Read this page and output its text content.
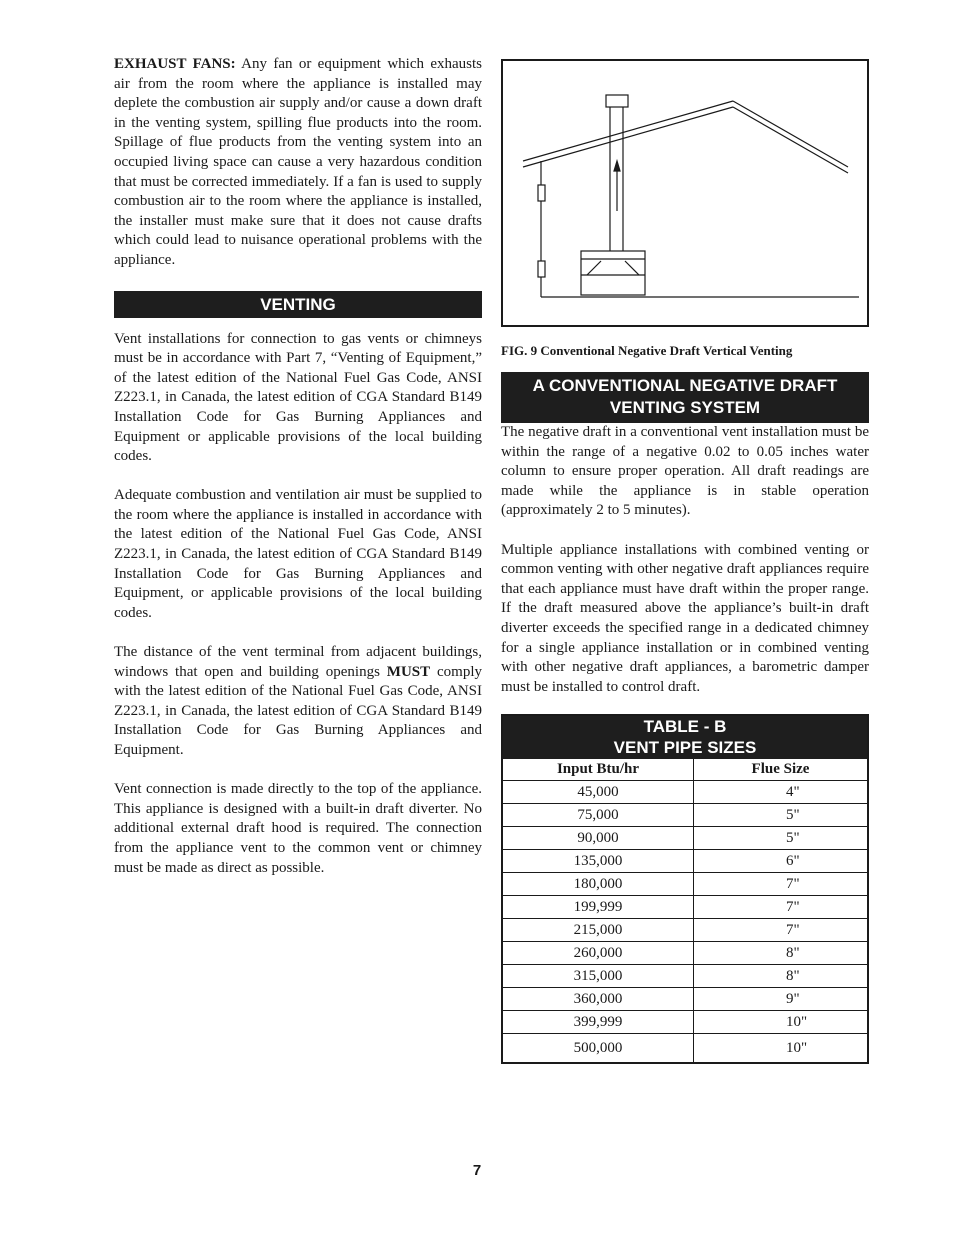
EXHAUST FANS: Any fan or equipment which exhausts air from the room where the appliance is installed may deplete the combustion air supply and/or cause a down draft in the venting system, spilling flue products into the room. Spillage of flue products from the venting system into an occupied living space can cause a very hazardous condition that must be corrected immediately. If a fan is used to supply combustion air to the room where the appliance is installed, the installer must make sure that it does not cause drafts which could lead to nuisance operational problems with the appliance.

VENTING

Vent installations for connection to gas vents or chimneys must be in accordance with Part 7, “Venting of Equipment,” of the latest edition of the National Fuel Gas Code, ANSI Z223.1, in Canada, the latest edition of CGA Standard B149 Installation Code for Gas Burning Appliances and Equipment or applicable provisions of the local building codes.

Adequate combustion and ventilation air must be supplied to the room where the appliance is installed in accordance with the latest edition of the National Fuel Gas Code, ANSI Z223.1, in Canada, the latest edition of CGA Standard B149 Installation Code for Gas Burning Appliances and Equipment, or applicable provisions of the local building codes.

The distance of the vent terminal from adjacent buildings, windows that open and building openings MUST comply with the latest edition of the National Fuel Gas Code, ANSI Z223.1, in Canada, the latest edition of CGA Standard B149 Installation Code for Gas Burning Appliances and Equipment.

Vent connection is made directly to the top of the appliance. This appliance is designed with a built-in draft diverter. No additional external draft hood is required. The connection from the appliance vent to the common vent or chimney must be made as direct as possible.

FIG. 9 Conventional Negative Draft Vertical Venting
A CONVENTIONAL NEGATIVE DRAFT
VENTING SYSTEM

The negative draft in a conventional vent installation must be within the range of a negative 0.02 to 0.05 inches water column to ensure proper operation. All draft readings are made while the appliance is in stable operation (approximately 2 to 5 minutes).

Multiple appliance installations with combined venting or common venting with other negative draft appliances require that each appliance must have draft within the proper range. If the draft measured above the appliance’s built-in draft diverter exceeds the specified range in a dedicated chimney for a single appliance installation or in combined venting with other negative draft appliances, a barometric damper must be installed to control draft.

TABLE - B
VENT PIPE SIZES
Input Btu/hr	Flue Size
45,000	4"
75,000	5"
90,000	5"
135,000	6"
180,000	7"
199,999	7"
215,000	7"
260,000	8"
315,000	8"
360,000	9"
399,999	10"
500,000	10"
7
